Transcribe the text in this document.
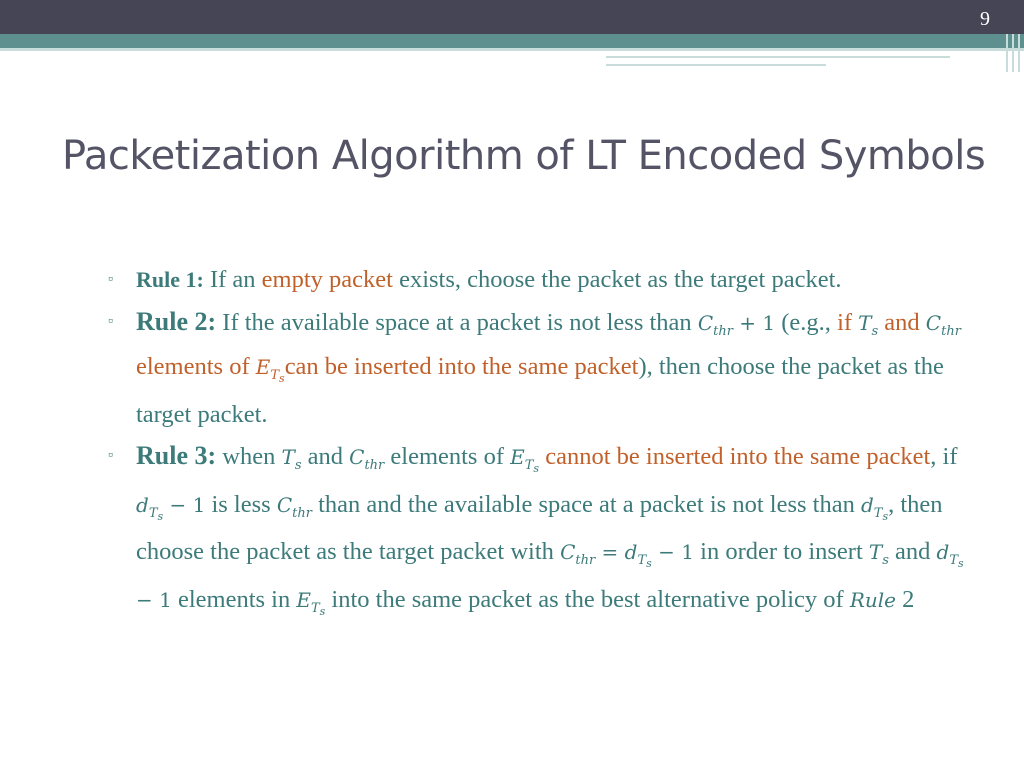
9
Packetization Algorithm of LT Encoded Symbols
▫ Rule 1: If an empty packet exists, choose the packet as the target packet.
▫ Rule 2: If the available space at a packet is not less than $C_{thr} + 1$ (e.g., if $T_s$ and $C_{thr}$ elements of $E_{T_s}can$ be inserted into the same packet), then choose the packet as the target packet.
▫ Rule 3: when $T_s$ and $C_{thr}$ elements of $E_{T_s}$ cannot be inserted into the same packet, if $d_{T_s} - 1$ is less $C_{thr}$ than and the available space at a packet is not less than $d_{T_s}$, then choose the packet as the target packet with $C_{thr} = d_{T_s} - 1$ in order to insert $T_s$ and $d_{T_s} - 1$ elements in $E_{T_s}$ into the same packet as the best alternative policy of Rule 2
